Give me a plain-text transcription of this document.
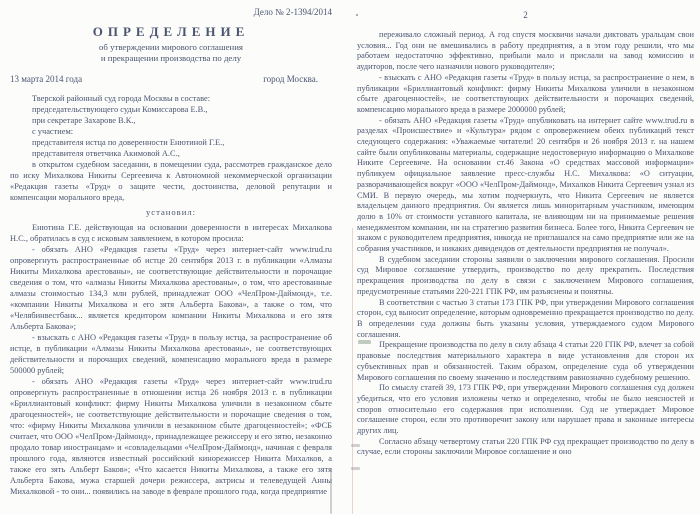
Дело № 2-1394/2014
ОПРЕДЕЛЕНИЕ
об утверждении мирового соглашения
и прекращении производства по делу
13 марта 2014 года	город Москва.

Тверской районный суд города Москвы в составе:

председательствующего судьи Комиссарова Е.В.,

при секретаре Захарове В.К.,

с участием:

представителя истца по доверенности Енютиной Г.Е.,

представителя ответчика Акимовой А.С.,

в открытом судебном заседании, в помещении суда, рассмотрев гражданское дело по иску Михалкова Никиты Сергеевича к Автономной некоммерческой организации «Редакция газеты «Труд» о защите чести, достоинства, деловой репутации и компенсации морального вреда,

установил:

Енютина Г.Е. действующая на основании доверенности в интересах Михалкова Н.С., обратилась в суд с исковым заявлением, в котором просила:

- обязать АНО «Редакция газеты «Труд» через интернет-сайт www.trud.ru опровергнуть распространенные об истце 20 сентября 2013 г. в публикации «Алмазы Никиты Михалкова арестованы», не соответствующие действительности и порочащие сведения о том, что «алмазы Никиты Михалкова арестованы», о том, что арестованные алмазы стоимостью 134,3 млн рублей, принадлежат ООО «ЧелПром-Даймонд», т.е. «компании Никиты Михалкова и его зятя Альберта Бакова», а также о том, что «Челябинвестбанк... является кредитором компании Никиты Михалкова и его зятя Альберта Бакова»;

- взыскать с АНО «Редакция газеты «Труд» в пользу истца, за распространение об истце, в публикации «Алмазы Никиты Михалкова арестованы», не соответствующих действительности и порочащих сведений, компенсацию морального вреда в размере 500000 рублей;

- обязать АНО «Редакция газеты «Труд» через интернет-сайт www.trud.ru опровергнуть распространенные в отношении истца 26 ноября 2013 г. в публикации «Бриллиантовый конфликт: фирму Никиты Михалкова уличили в незаконном сбыте драгоценностей», не соответствующие действительности и порочащие сведения о том, что: «фирму Никиты Михалкова уличили в незаконном сбыте драгоценностей»; «ФСБ считает, что ООО «ЧелПром-Даймонд», принадлежащее режиссеру и его зятю, незаконно продало товар иностранцам» и «совладельцами «ЧелПром-Даймонд», начиная с февраля прошлого года, являются известный российский кинорежиссер Никита Михалков, а также его зять Альберт Баков»; «Что касается Никиты Михалкова, а также его зятя Альберта Бакова, мужа старшей дочери режиссера, актрисы и телеведущей Анны Михалковой - то они... появились на заводе в феврале прошлого года, когда предприятие

2

переживало сложный период. А год спустя москвичи начали диктовать уральцам свои условия... Год они не вмешивались в работу предприятия, а в этом году решили, что мы работаем недостаточно эффективно, прибыли мало и прислали на завод комиссию и аудиторов, после чего назначили нового руководителя»;

- взыскать с АНО «Редакция газеты «Труд» в пользу истца, за распространение о нем, в публикации «Бриллиантовый конфликт: фирму Никиты Михалкова уличили в незаконном сбыте драгоценностей», не соответствующих действительности и порочащих сведений, компенсацию морального вреда в размере 2000000 рублей;

- обязать АНО «Редакция газеты «Труд» опубликовать на интернет сайте www.trud.ru в разделах «Происшествие» и «Культура» рядом с опровержением обеих публикаций текст следующего содержания: «Уважаемые читатели! 20 сентября и 26 ноября 2013 г. на нашем сайте были опубликованы материалы, содержащие недостоверную информацию о Михалкове Никите Сергеевиче. На основании ст.46 Закона «О средствах массовой информации» публикуем официальное заявление пресс-службы Н.С. Михалкова: «О ситуации, разворачивающейся вокруг «ООО «ЧелПром-Даймонд», Михалков Никита Сергеевич узнал из СМИ. В первую очередь, мы хотим подчеркнуть, что Никита Сергеевич не является владельцем данного предприятия. Он является лишь миноритарным участником, имеющим долю в 10% от стоимости уставного капитала, не влияющим ни на принимаемые решения менеджментом компании, ни на стратегию развития бизнеса. Более того, Никита Сергеевич не знаком с руководителем предприятия, никогда не приглашался на само предприятие или же на собрания участников, и никаких дивидендов от деятельности предприятия не получал».

В судебном заседании стороны заявили о заключении мирового соглашения. Просили суд Мировое соглашение утвердить, производство по делу прекратить. Последствия прекращения производства по делу в связи с заключением Мирового соглашения, предусмотренные статьями 220-221 ГПК РФ, им разъяснены и понятны.

В соответствии с частью 3 статьи 173 ГПК РФ, при утверждении Мирового соглашения сторон, суд выносит определение, которым одновременно прекращается производство по делу. В определении суда должны быть указаны условия, утверждаемого судом Мирового соглашения.

Прекращение производства по делу в силу абзаца 4 статьи 220 ГПК РФ, влечет за собой правовые последствия материального характера в виде установления для сторон их субъективных прав и обязанностей. Таким образом, определение суда об утверждении Мирового соглашения по своему значению и последствиям равнозначно судебному решению.

По смыслу статей 39, 173 ГПК РФ, при утверждении Мирового соглашения суд должен убедиться, что его условия изложены четко и определенно, чтобы не было неясностей и споров относительно его содержания при исполнении. Суд не утверждает Мировое соглашение сторон, если это противоречит закону или нарушает права и законные интересы других лиц.

Согласно абзацу четвертому статьи 220 ГПК РФ суд прекращает производство по делу в случае, если стороны заключили Мировое соглашение и оно
